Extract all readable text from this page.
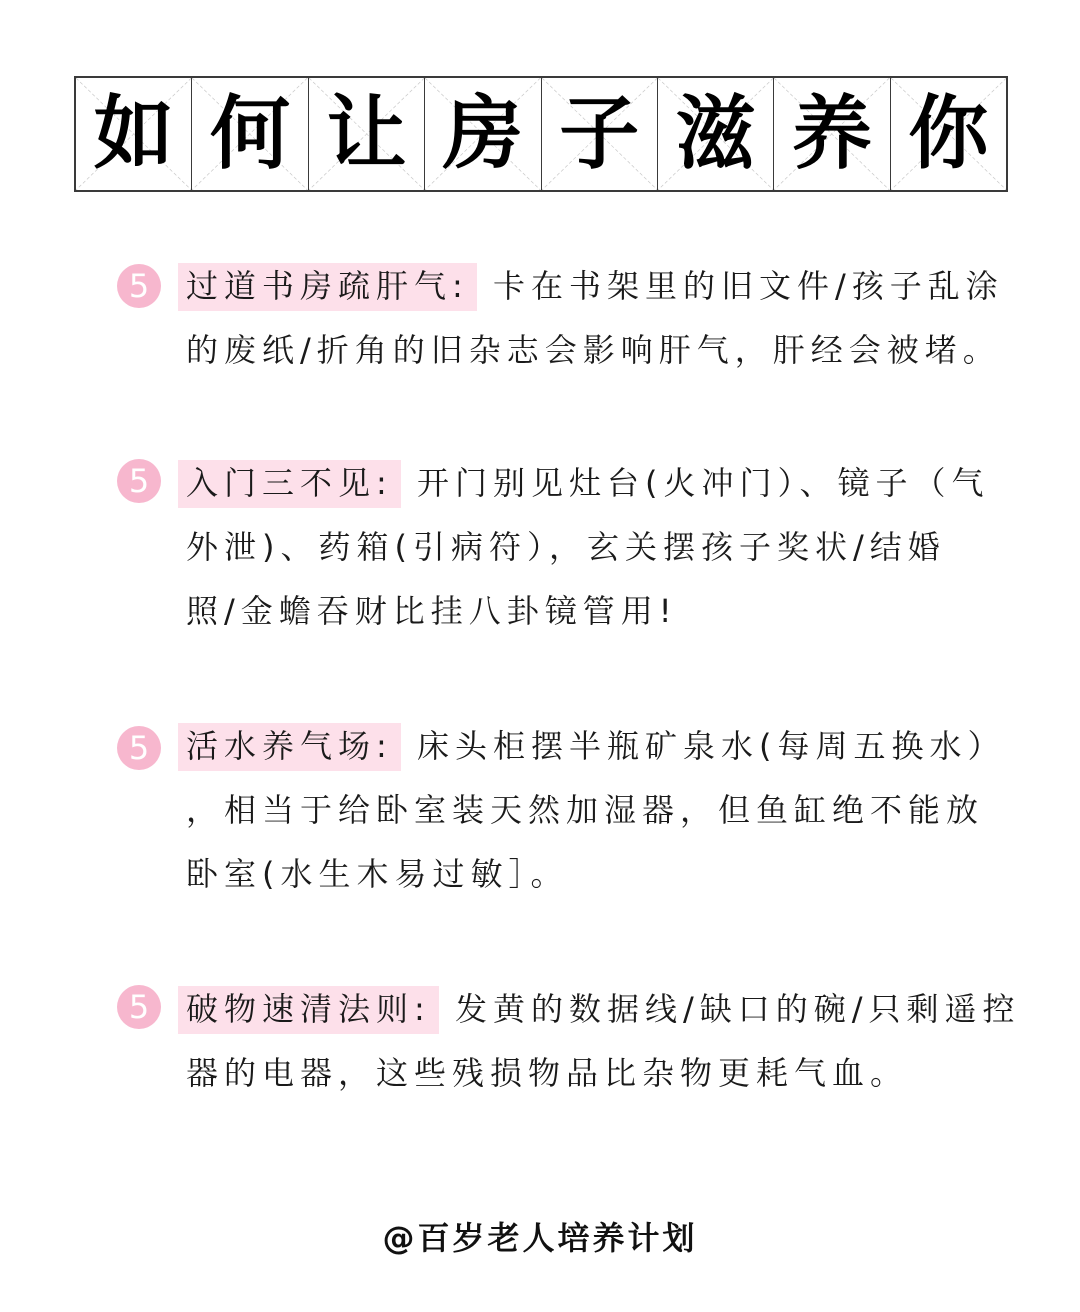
如 何 让 房 子 滋 养 你
5	过道书房疏肝气: 卡在书架里的旧文件/孩子乱涂
的废纸/折角的旧杂志会影响肝气，肝经会被堵。
5	入门三不见: 开门别见灶台(火冲门）、镜子（气
外泄)、药箱(引病符），玄关摆孩子奖状/结婚
照/金蟾吞财比挂八卦镜管用!
5	活水养气场: 床头柜摆半瓶矿泉水(每周五换水）
，相当于给卧室装天然加湿器，但鱼缸绝不能放
卧室(水生木易过敏］。
5	破物速清法则: 发黄的数据线/缺口的碗/只剩遥控
器的电器，这些残损物品比杂物更耗气血。
@百岁老人培养计划
